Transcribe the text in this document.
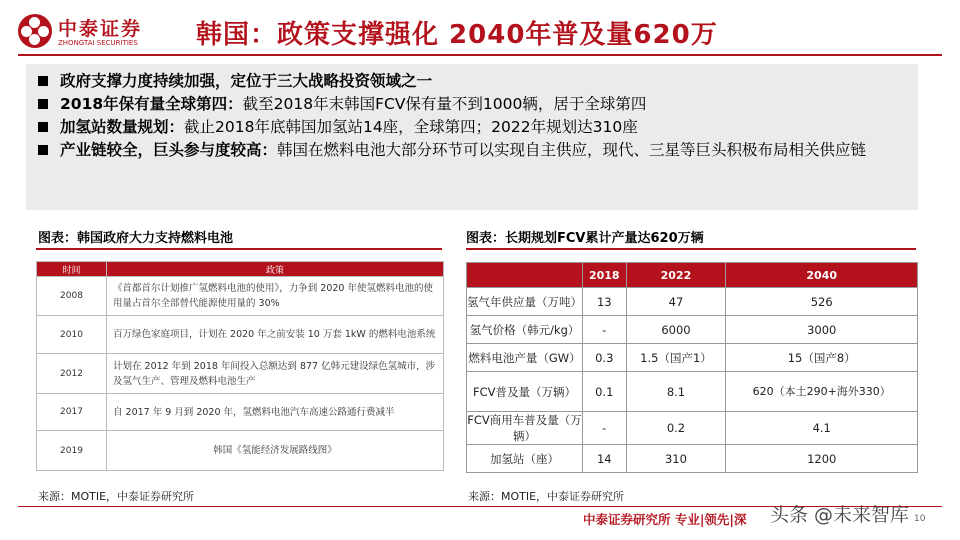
中泰证券
ZHONGTAI SECURITIES 韩国：政策支撑强化 2040年普及量620万
政府支撑力度持续加强，定位于三大战略投资领域之一
2018年保有量全球第四：截至2018年末韩国FCV保有量不到1000辆，居于全球第四
加氢站数量规划：截止2018年底韩国加氢站14座，全球第四；2022年规划达310座
产业链较全，巨头参与度较高：韩国在燃料电池大部分环节可以实现自主供应，现代、三星等巨头积极布局相关供应链
图表：韩国政府大力支持燃料电池	图表：长期规划FCV累计产量达620万辆
时间	政策
2008	《首都首尔计划推广氢燃料电池的使用》，力争到 2020 年使氢燃料电池的使用量占首尔全部替代能源使用量的 30%
2010	百万绿色家庭项目，计划在 2020 年之前安装 10 万套 1kW 的燃料电池系统
2012	计划在 2012 年到 2018 年间投入总额达到 877 亿韩元建设绿色氢城市，涉及氢气生产、管理及燃料电池生产
2017	自 2017 年 9 月到 2020 年，氢燃料电池汽车高速公路通行费减半
2019	韩国《氢能经济发展路线图》
	2018	2022	2040
氢气年供应量（万吨）	13	47	526
氢气价格（韩元/kg）	-	6000	3000
燃料电池产量（GW）	0.3	1.5（国产1）	15（国产8）
FCV普及量（万辆）	0.1	8.1	620（本土290+海外330）
FCV商用车普及量（万辆）	-	0.2	4.1
加氢站（座）	14	310	1200
来源：MOTIE，中泰证券研究所	来源：MOTIE，中泰证券研究所
中泰证券研究所 专业|领先|深 头条 @未来智库 10
